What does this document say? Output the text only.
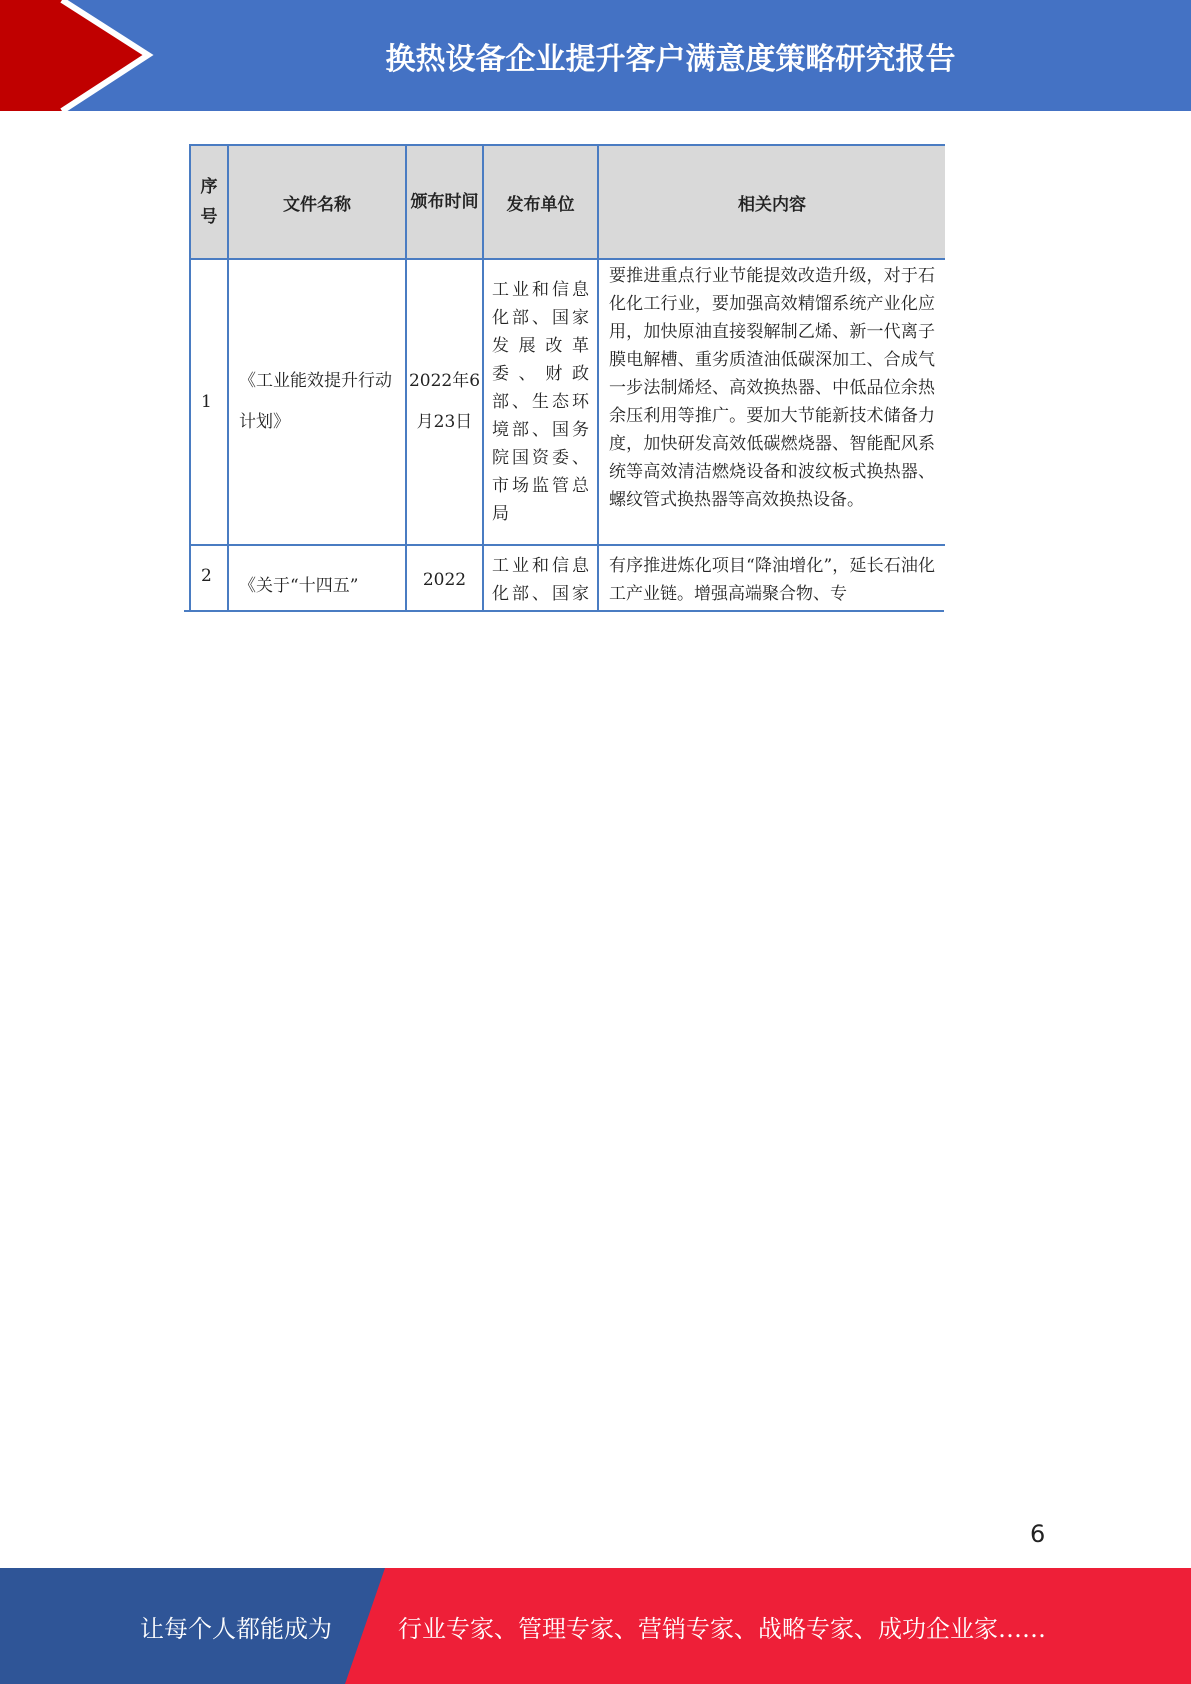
换热设备企业提升客户满意度策略研究报告
序号	文件名称	颁布时间	发布单位	相关内容
1	《工业能效提升行动计划》	2022年6月23日	工业和信息化部、国家发展改革委、财政部、生态环境部、国务院国资委、市场监管总局	要推进重点行业节能提效改造升级，对于石化化工行业，要加强高效精馏系统产业化应用，加快原油直接裂解制乙烯、新一代离子膜电解槽、重劣质渣油低碳深加工、合成气一步法制烯烃、高效换热器、中低品位余热余压利用等推广。要加大节能新技术储备力度，加快研发高效低碳燃烧器、智能配风系统等高效清洁燃烧设备和波纹板式换热器、螺纹管式换热器等高效换热设备。
2	《关于“十四五”	2022	工业和信息化部、国家	有序推进炼化项目“降油增化”，延长石油化工产业链。增强高端聚合物、专
6
让每个人都能成为	行业专家、管理专家、营销专家、战略专家、成功企业家……
